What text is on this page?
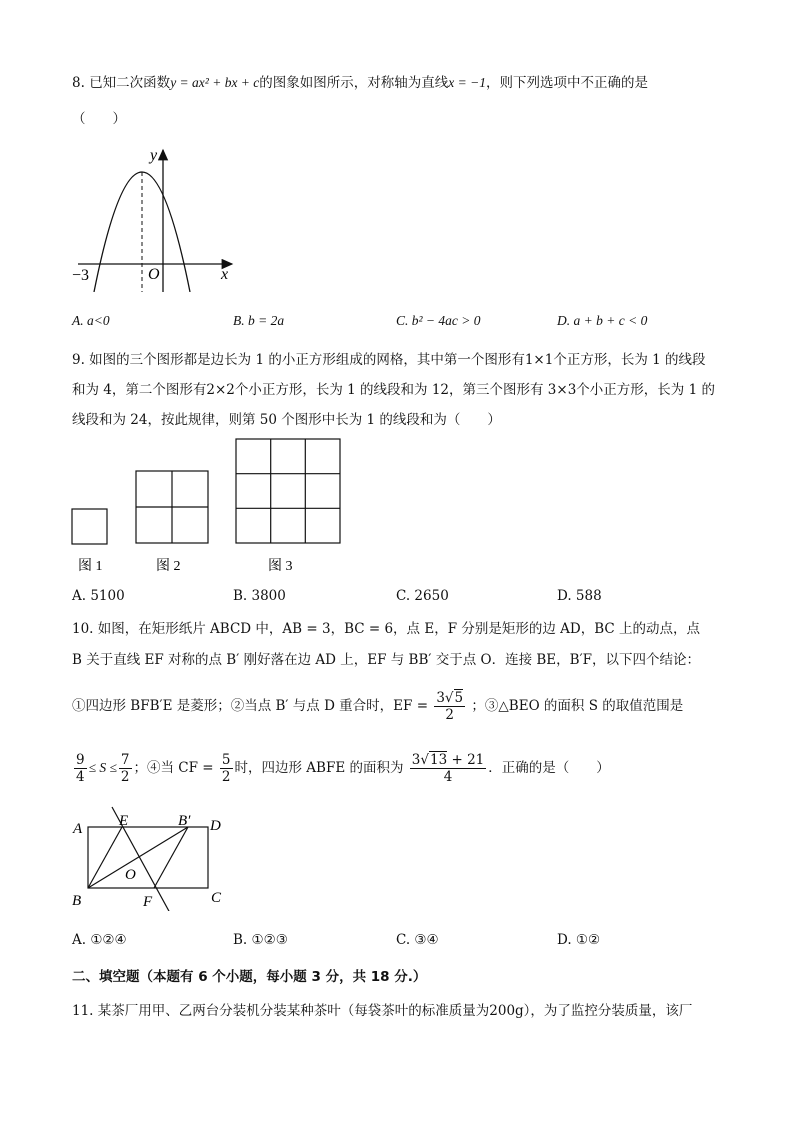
8. 已知二次函数y = ax² + bx + c的图象如图所示，对称轴为直线x = −1，则下列选项中不正确的是
（　　）
y
x
O
−3
A. a<0	B. b = 2a	C. b² − 4ac > 0	D. a + b + c < 0
9. 如图的三个图形都是边长为 1 的小正方形组成的网格，其中第一个图形有1×1个正方形，长为 1 的线段
和为 4，第二个图形有2×2个小正方形，长为 1 的线段和为 12，第三个图形有 3×3个小正方形，长为 1 的
线段和为 24，按此规律，则第 50 个图形中长为 1 的线段和为（　　）
图 1	图 2	图 3
A. 5100	B. 3800	C. 2650	D. 588
10. 如图，在矩形纸片 ABCD 中，AB = 3，BC = 6，点 E，F 分别是矩形的边 AD，BC 上的动点，点
B 关于直线 EF 对称的点 B′ 刚好落在边 AD 上，EF 与 BB′ 交于点 O．连接 BE，B′F，以下四个结论：
①四边形 BFB′E 是菱形；②当点 B′ 与点 D 重合时，EF = $\frac{3√5}{2}$ ；③△BEO 的面积 S 的取值范围是
$\frac{9}{4} \le S \le \frac{7}{2}$ ；④当 CF = $\frac{5}{2}$ 时，四边形 ABFE 的面积为 $\frac{3√13 + 21}{4}$ ．正确的是（　　）
A E	B′ D
O
B	F	C
A. ①②④	B. ①②③	C. ③④	D. ①②
二、填空题（本题有 6 个小题，每小题 3 分，共 18 分.）
11. 某茶厂用甲、乙两台分装机分装某种茶叶（每袋茶叶的标准质量为200g），为了监控分装质量，该厂
